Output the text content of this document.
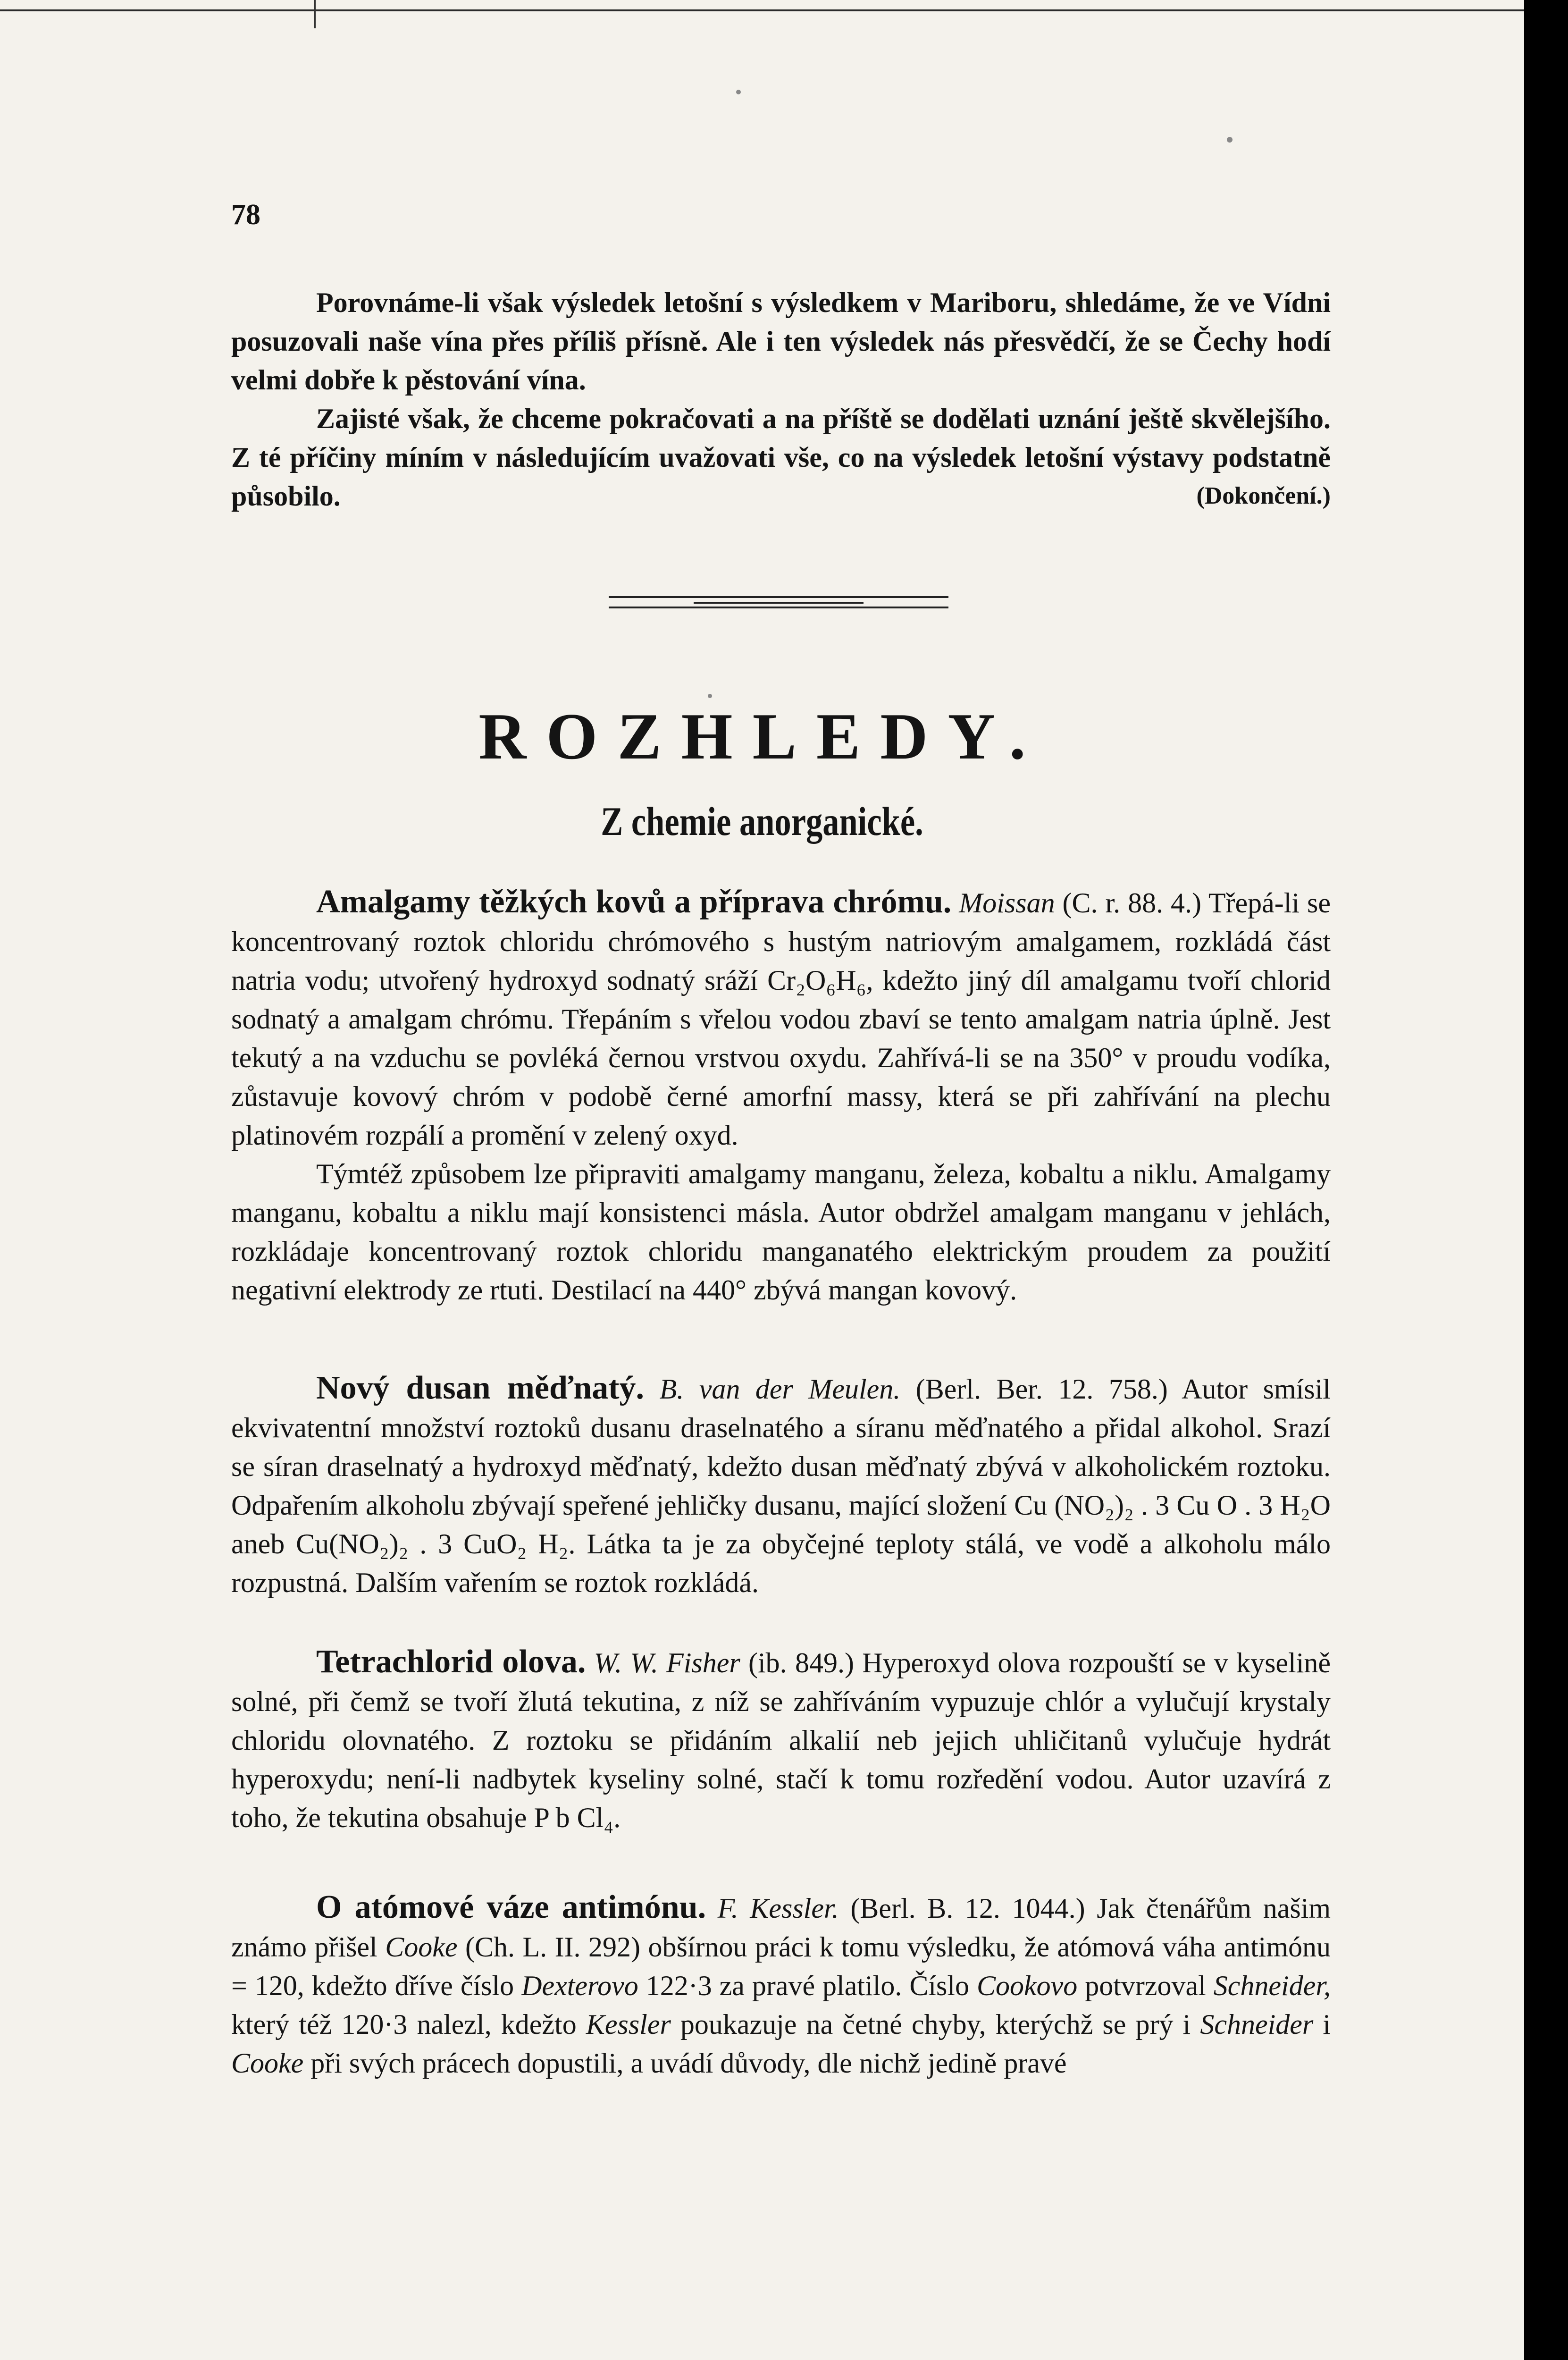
78

Porovnáme-li však výsledek letošní s výsledkem v Mariboru, shledáme, že ve Vídni posuzovali naše vína přes příliš přísně. Ale i ten výsledek nás přesvědčí, že se Čechy hodí velmi dobře k pěstování vína.

Zajisté však, že chceme pokračovati a na příště se dodělati uznání ještě skvělejšího. Z té příčiny míním v následujícím uvažovati vše, co na výsledek letošní výstavy podstatně působilo.	(Dokončení.)

ROZHLEDY.
Z chemie anorganické.

Amalgamy těžkých kovů a příprava chrómu. Moissan (C. r. 88. 4.) Třepá-li se koncentrovaný roztok chloridu chrómového s hustým natriovým amalgamem, rozkládá část natria vodu; utvořený hydroxyd sodnatý sráží Cr₂O₆H₆, kdežto jiný díl amalgamu tvoří chlorid sodnatý a amalgam chrómu. Třepáním s vřelou vodou zbaví se tento amalgam natria úplně. Jest tekutý a na vzduchu se povléká černou vrstvou oxydu. Zahřívá-li se na 350° v proudu vodíka, zůstavuje kovový chróm v podobě černé amorfní massy, která se při zahřívání na plechu platinovém rozpálí a promění v zelený oxyd.

Týmtéž způsobem lze připraviti amalgamy manganu, železa, kobaltu a niklu. Amalgamy manganu, kobaltu a niklu mají konsistenci másla. Autor obdržel amalgam manganu v jehlách, rozkládaje koncentrovaný roztok chloridu manganatého elektrickým proudem za použití negativní elektrody ze rtuti. Destilací na 440° zbývá mangan kovový.

Nový dusan měďnatý. B. van der Meulen. (Berl. Ber. 12. 758.) Autor smísil ekvivatentní množství roztoků dusanu draselnatého a síranu měďnatého a přidal alkohol. Srazí se síran draselnatý a hydroxyd měďnatý, kdežto dusan měďnatý zbývá v alkoholickém roztoku. Odpařením alkoholu zbývají speřené jehličky dusanu, mající složení Cu (NO₂)₂ . 3 Cu O . 3 H₂O aneb Cu(NO₂)₂ . 3 CuO₂ H₂. Látka ta je za obyčejné teploty stálá, ve vodě a alkoholu málo rozpustná. Dalším vařením se roztok rozkládá.

Tetrachlorid olova. W. W. Fisher (ib. 849.) Hyperoxyd olova rozpouští se v kyselině solné, při čemž se tvoří žlutá tekutina, z níž se zahříváním vypuzuje chlór a vylučují krystaly chloridu olovnatého. Z roztoku se přidáním alkalií neb jejich uhličitanů vylučuje hydrát hyperoxydu; není-li nadbytek kyseliny solné, stačí k tomu rozředění vodou. Autor uzavírá z toho, že tekutina obsahuje P b Cl₄.

O atómové váze antimónu. F. Kessler. (Berl. B. 12. 1044.) Jak čtenářům našim známo přišel Cooke (Ch. L. II. 292) obšírnou práci k tomu výsledku, že atómová váha antimónu = 120, kdežto dříve číslo Dexterovo 122·3 za pravé platilo. Číslo Cookovo potvrzoval Schneider, který též 120·3 nalezl, kdežto Kessler poukazuje na četné chyby, kterýchž se prý i Schneider i Cooke při svých prácech dopustili, a uvádí důvody, dle nichž jedině pravé
